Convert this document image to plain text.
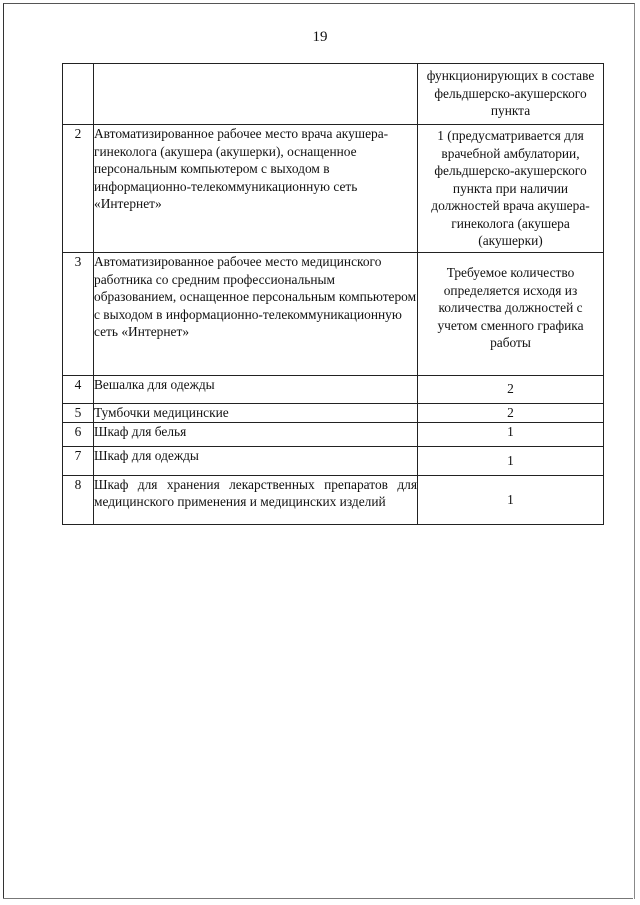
19
		функционирующих в составе фельдшерско-акушерского пункта
2	Автоматизированное рабочее место врача акушера-гинеколога (акушера (акушерки), оснащенное персональным компьютером с выходом в информационно-телекоммуникационную сеть «Интернет»	1 (предусматривается для врачебной амбулатории, фельдшерско-акушерского пункта при наличии должностей врача акушера-гинеколога (акушера (акушерки)
3	Автоматизированное рабочее место медицинского работника со средним профессиональным образованием, оснащенное персональным компьютером с выходом в информационно-телекоммуникационную сеть «Интернет»	Требуемое количество определяется исходя из количества должностей с учетом сменного графика работы
4	Вешалка для одежды	2
5	Тумбочки медицинские	2
6	Шкаф для белья	1
7	Шкаф для одежды	1
8	Шкаф для хранения лекарственных препаратов для медицинского применения и медицинских изделий	1
